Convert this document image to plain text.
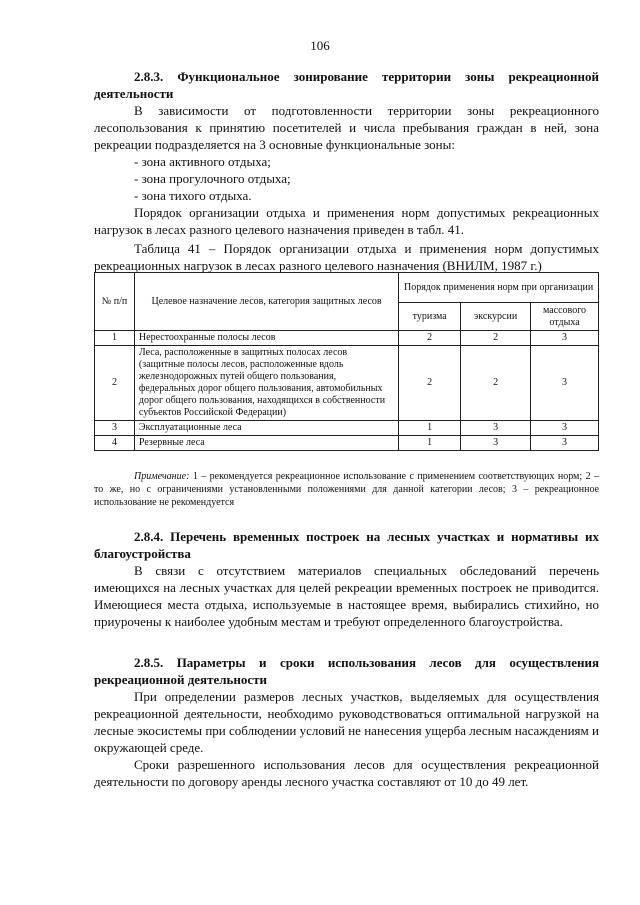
106
2.8.3. Функциональное зонирование территории зоны рекреационной деятельности

В зависимости от подготовленности территории зоны рекреационного лесопользования к принятию посетителей и числа пребывания граждан в ней, зона рекреации подразделяется на 3 основные функциональные зоны:

- зона активного отдыха;
- зона прогулочного отдыха;
- зона тихого отдыха.

Порядок организации отдыха и применения норм допустимых рекреационных нагрузок в лесах разного целевого назначения приведен в табл. 41.

Таблица 41 – Порядок организации отдыха и применения норм допустимых рекреационных нагрузок в лесах разного целевого назначения (ВНИЛМ, 1987 г.)
№ п/п	Целевое назначение лесов, категория защитных лесов	Порядок применения норм при организации		
		туризма	экскурсии	массового отдыха
1	Нерестоохранные полосы лесов	2	2	3
2	Леса, расположенные в защитных полосах лесов (защитные полосы лесов, расположенные вдоль железнодорожных путей общего пользования, федеральных дорог общего пользования, автомобильных дорог общего пользования, находящихся в собственности субъектов Российской Федерации)	2	2	3
3	Эксплуатационные леса	1	3	3
4	Резервные леса	1	3	3
Примечание: 1 – рекомендуется рекреационное использование с применением соответствующих норм; 2 – то же, но с ограничениями установленными положениями для данной категории лесов; 3 – рекреационное использование не рекомендуется
2.8.4. Перечень временных построек на лесных участках и нормативы их благоустройства

В связи с отсутствием материалов специальных обследований перечень имеющихся на лесных участках для целей рекреации временных построек не приводится. Имеющиеся места отдыха, используемые в настоящее время, выбирались стихийно, но приурочены к наиболее удобным местам и требуют определенного благоустройства.

2.8.5. Параметры и сроки использования лесов для осуществления рекреационной деятельности

При определении размеров лесных участков, выделяемых для осуществления рекреационной деятельности, необходимо руководствоваться оптимальной нагрузкой на лесные экосистемы при соблюдении условий не нанесения ущерба лесным насаждениям и окружающей среде.

Сроки разрешенного использования лесов для осуществления рекреационной деятельности по договору аренды лесного участка составляют от 10 до 49 лет.
